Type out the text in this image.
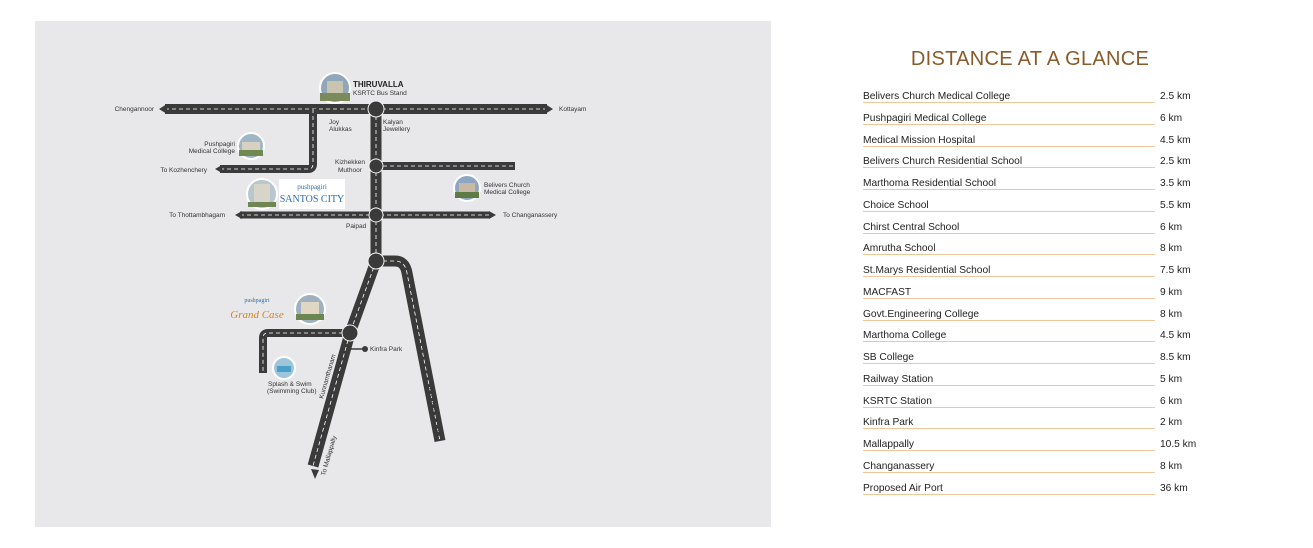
pushpagiri
SANTOS CITY
pushpagiri
Grand Case
THIRUVALLA
KSRTC Bus Stand
Chengannoor	Kottayam
Joy
Alukkas
Kalyan
Jewellery
Pushpagiri
Medical College
To Kozhenchery
Kizhekken
Muthoor
Belivers Church
Medical College
To Thottambhagam	To Changanassery
Paipad
Kinfra Park
Splash & Swim
(Swimming Club) Kunnamthanam
To Choice School
To Mallappally
DISTANCE AT A GLANCE
Belivers Church Medical College	2.5 km
Pushpagiri Medical College	6 km
Medical Mission Hospital	4.5 km
Belivers Church Residential School	2.5 km
Marthoma Residential School	3.5 km
Choice School	5.5 km
Chirst Central School	6 km
Amrutha School	8 km
St.Marys Residential School	7.5 km
MACFAST	9 km
Govt.Engineering College	8 km
Marthoma College	4.5 km
SB College	8.5 km
Railway Station	5 km
KSRTC Station	6 km
Kinfra Park	2 km
Mallappally	10.5 km
Changanassery	8 km
Proposed Air Port	36 km
